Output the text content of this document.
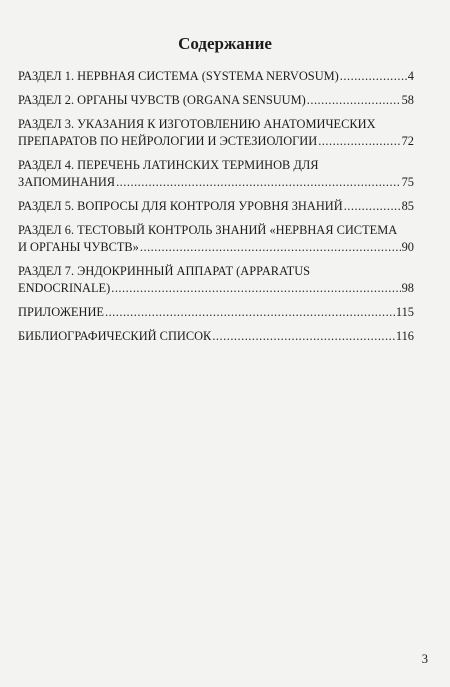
Содержание
РАЗДЕЛ 1. НЕРВНАЯ СИСТЕМА (SYSTEMA NERVOSUM) .....	4
РАЗДЕЛ 2. ОРГАНЫ ЧУВСТВ (ORGANA SENSUUM) .....	58
РАЗДЕЛ 3. УКАЗАНИЯ К ИЗГОТОВЛЕНИЮ АНАТОМИЧЕСКИХ
ПРЕПАРАТОВ ПО НЕЙРОЛОГИИ И ЭСТЕЗИОЛОГИИ .....	72
РАЗДЕЛ 4. ПЕРЕЧЕНЬ ЛАТИНСКИХ ТЕРМИНОВ ДЛЯ
ЗАПОМИНАНИЯ .....	75
РАЗДЕЛ 5. ВОПРОСЫ ДЛЯ КОНТРОЛЯ УРОВНЯ ЗНАНИЙ .....	85
РАЗДЕЛ 6. ТЕСТОВЫЙ КОНТРОЛЬ ЗНАНИЙ «НЕРВНАЯ СИСТЕМА
И ОРГАНЫ ЧУВСТВ» .....	90
РАЗДЕЛ 7. ЭНДОКРИННЫЙ АППАРАТ (APPARATUS
ENDOCRINALE) .....	98
ПРИЛОЖЕНИЕ .....	115
БИБЛИОГРАФИЧЕСКИЙ СПИСОК .....	116
3
